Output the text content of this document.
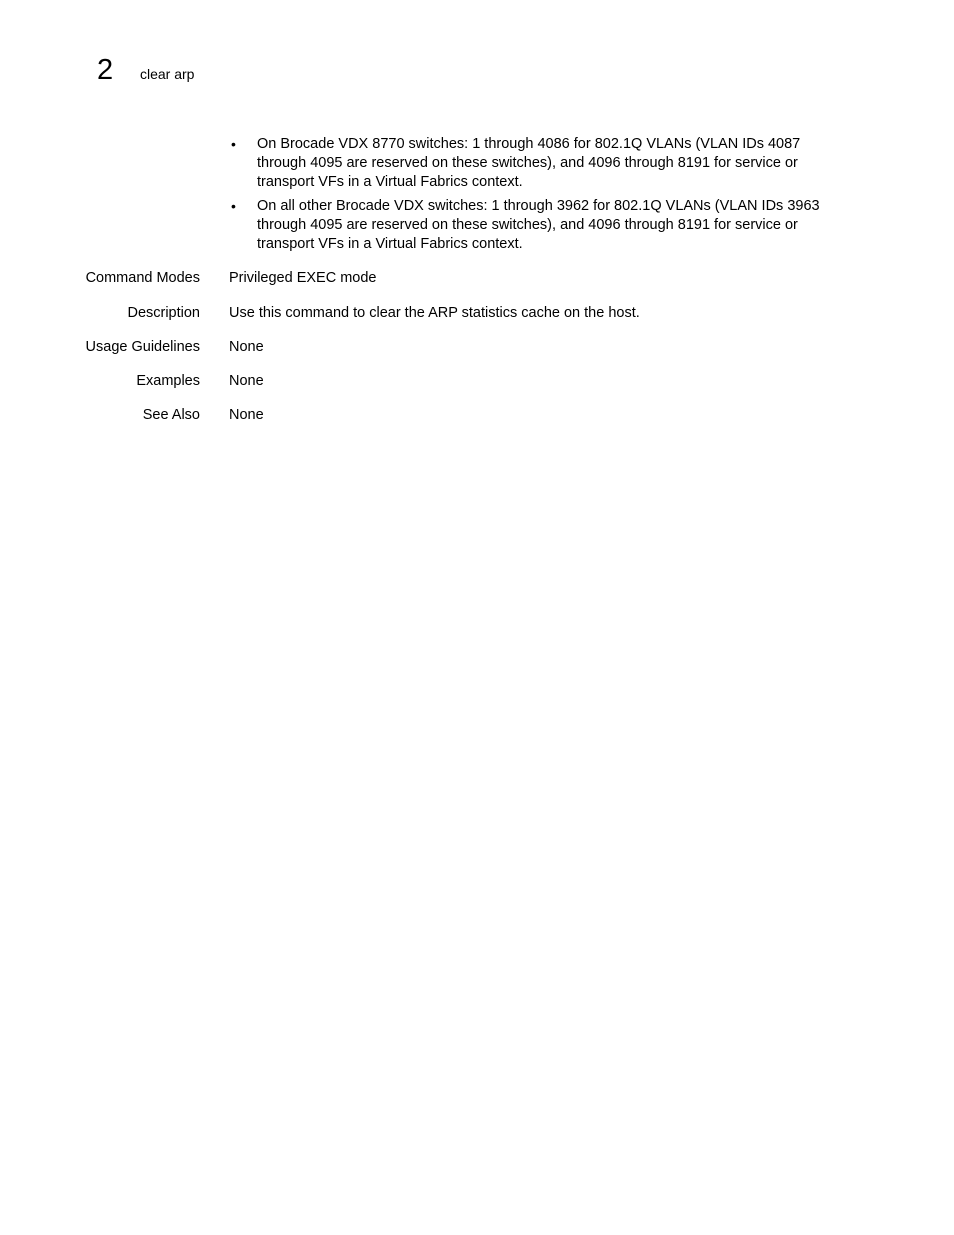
2 clear arp
• On Brocade VDX 8770 switches: 1 through 4086 for 802.1Q VLANs (VLAN IDs 4087 through 4095 are reserved on these switches), and 4096 through 8191 for service or transport VFs in a Virtual Fabrics context.
• On all other Brocade VDX switches: 1 through 3962 for 802.1Q VLANs (VLAN IDs 3963 through 4095 are reserved on these switches), and 4096 through 8191 for service or transport VFs in a Virtual Fabrics context.
Command Modes Privileged EXEC mode
Description Use this command to clear the ARP statistics cache on the host.
Usage Guidelines None
Examples None
See Also None
